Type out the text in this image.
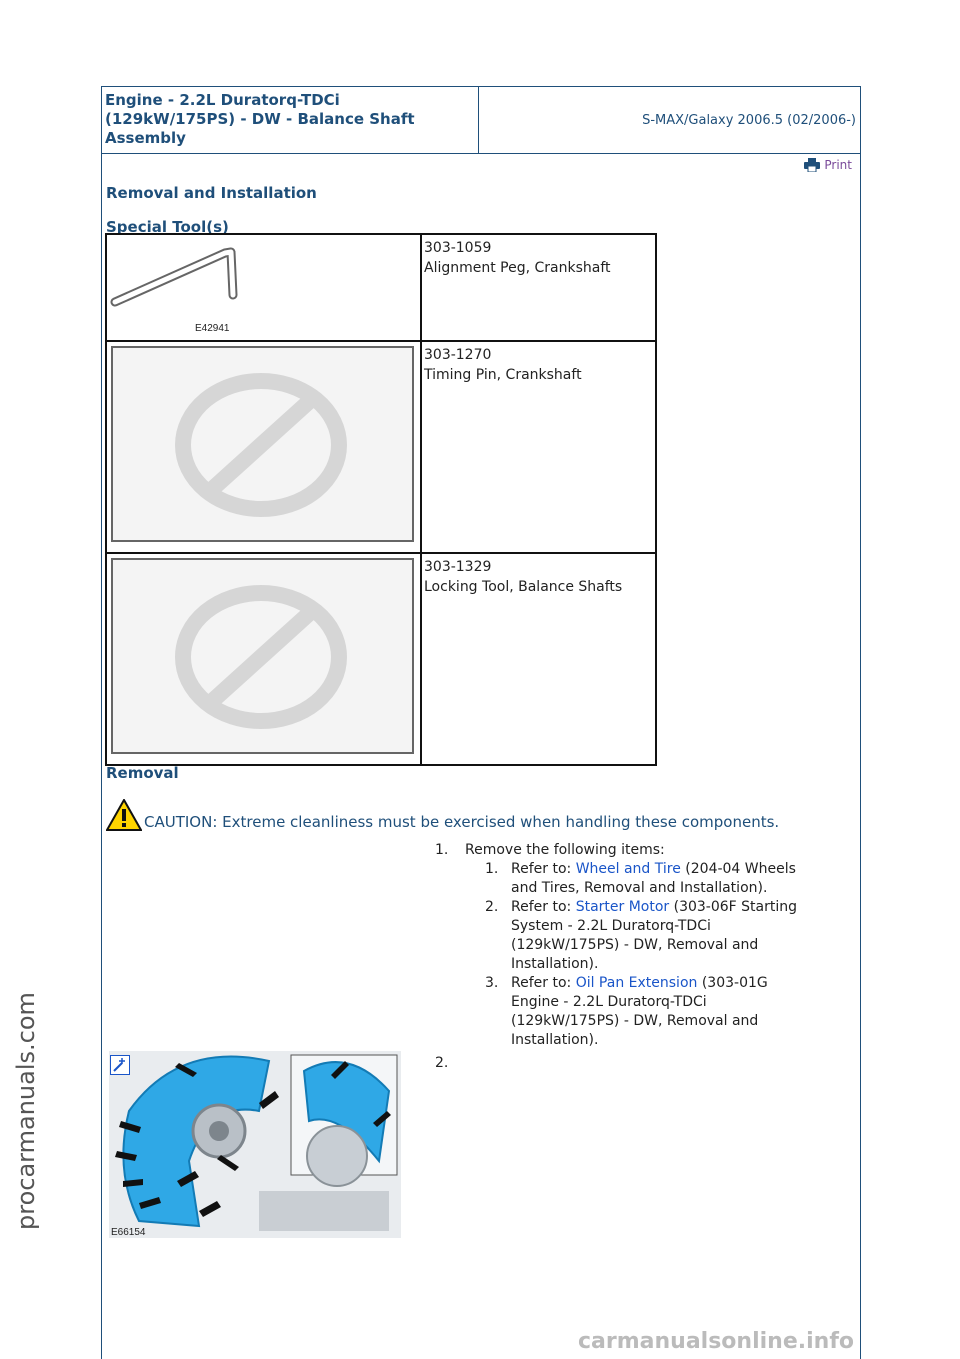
Engine - 2.2L Duratorq-TDCi
(129kW/175PS) - DW - Balance Shaft
Assembly
S-MAX/Galaxy 2006.5 (02/2006-)
Print
Removal and Installation
Special Tool(s)
E42941	303-1059
Alignment Peg, Crankshaft

303-1270
Timing Pin, Crankshaft

303-1329
Locking Tool, Balance Shafts
Removal
CAUTION: Extreme cleanliness must be exercised when handling these components.
1. Remove the following items:
1. Refer to: Wheel and Tire (204-04 Wheels
and Tires, Removal and Installation).
2. Refer to: Starter Motor (303-06F Starting
System - 2.2L Duratorq-TDCi
(129kW/175PS) - DW, Removal and
Installation).
3. Refer to: Oil Pan Extension (303-01G
Engine - 2.2L Duratorq-TDCi
(129kW/175PS) - DW, Removal and
Installation).
E66154
2.
procarmanuals.com
carmanualsonline.info
